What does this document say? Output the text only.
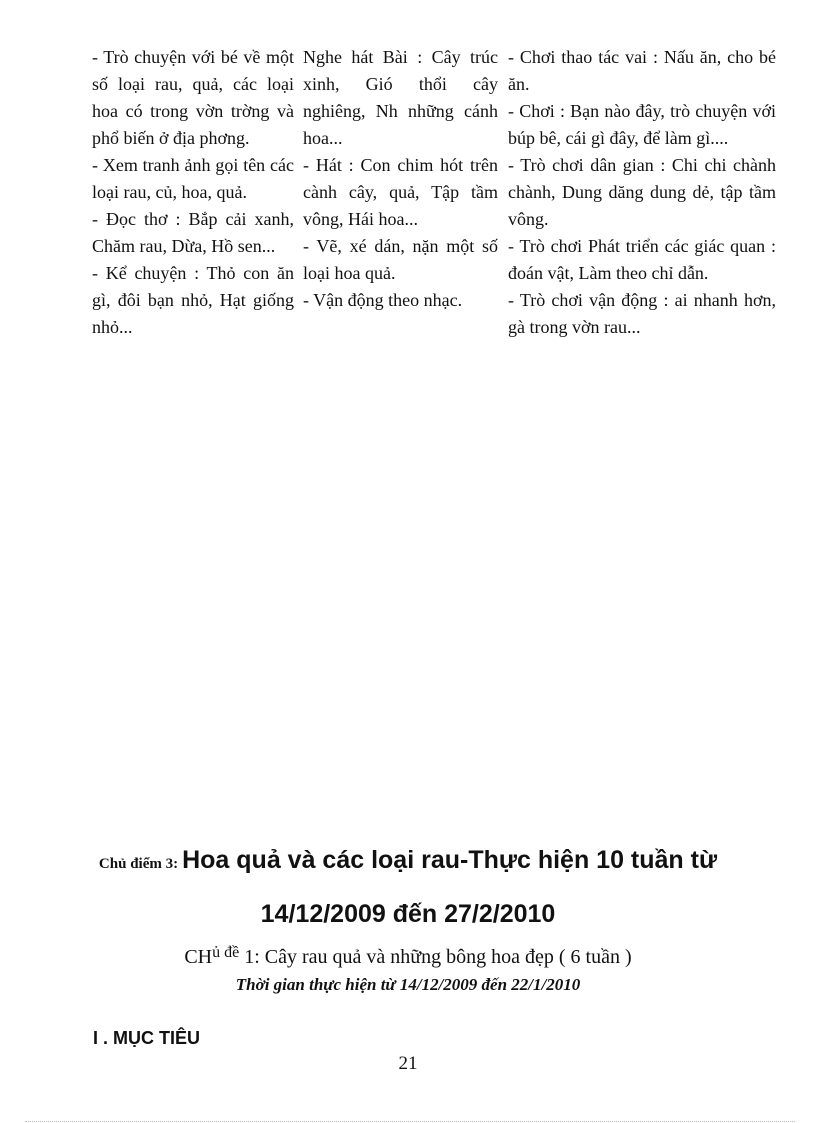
- Trò chuyện với bé về một số loại rau, quả, các loại hoa có trong vờn trờng và phổ biến ở địa phơng.

- Xem tranh ảnh gọi tên các loại rau, củ, hoa, quả.

- Đọc thơ : Bắp cải xanh, Chăm rau, Dừa, Hồ sen...

- Kể chuyện : Thỏ con ăn gì, đôi bạn nhỏ, Hạt giống nhỏ...

Nghe hát Bài : Cây trúc xinh, Gió thổi cây nghiêng, Nh những cánh hoa...

- Hát : Con chim hót trên cành cây, quả, Tập tầm vông, Hái hoa...

- Vẽ, xé dán, nặn một số loại hoa quả.

- Vận động theo nhạc.

- Chơi thao tác vai : Nấu ăn, cho bé ăn.

- Chơi : Bạn nào đây, trò chuyện với búp bê, cái gì đây, để làm gì....

- Trò chơi dân gian : Chi chi chành chành, Dung dăng dung dẻ, tập tầm vông.

- Trò chơi Phát triển các giác quan : đoán vật, Làm theo chỉ dẫn.

- Trò chơi vận động : ai nhanh hơn, gà trong vờn rau...

Chủ điểm 3: Hoa quả và các loại rau-Thực hiện 10 tuần từ
14/12/2009 đến 27/2/2010
$CH^{ủ đề}$ 1: Cây rau quả và những bông hoa đẹp ( 6 tuần )
Thời gian thực hiện từ 14/12/2009 đến 22/1/2010
I . MỤC TIÊU
21
